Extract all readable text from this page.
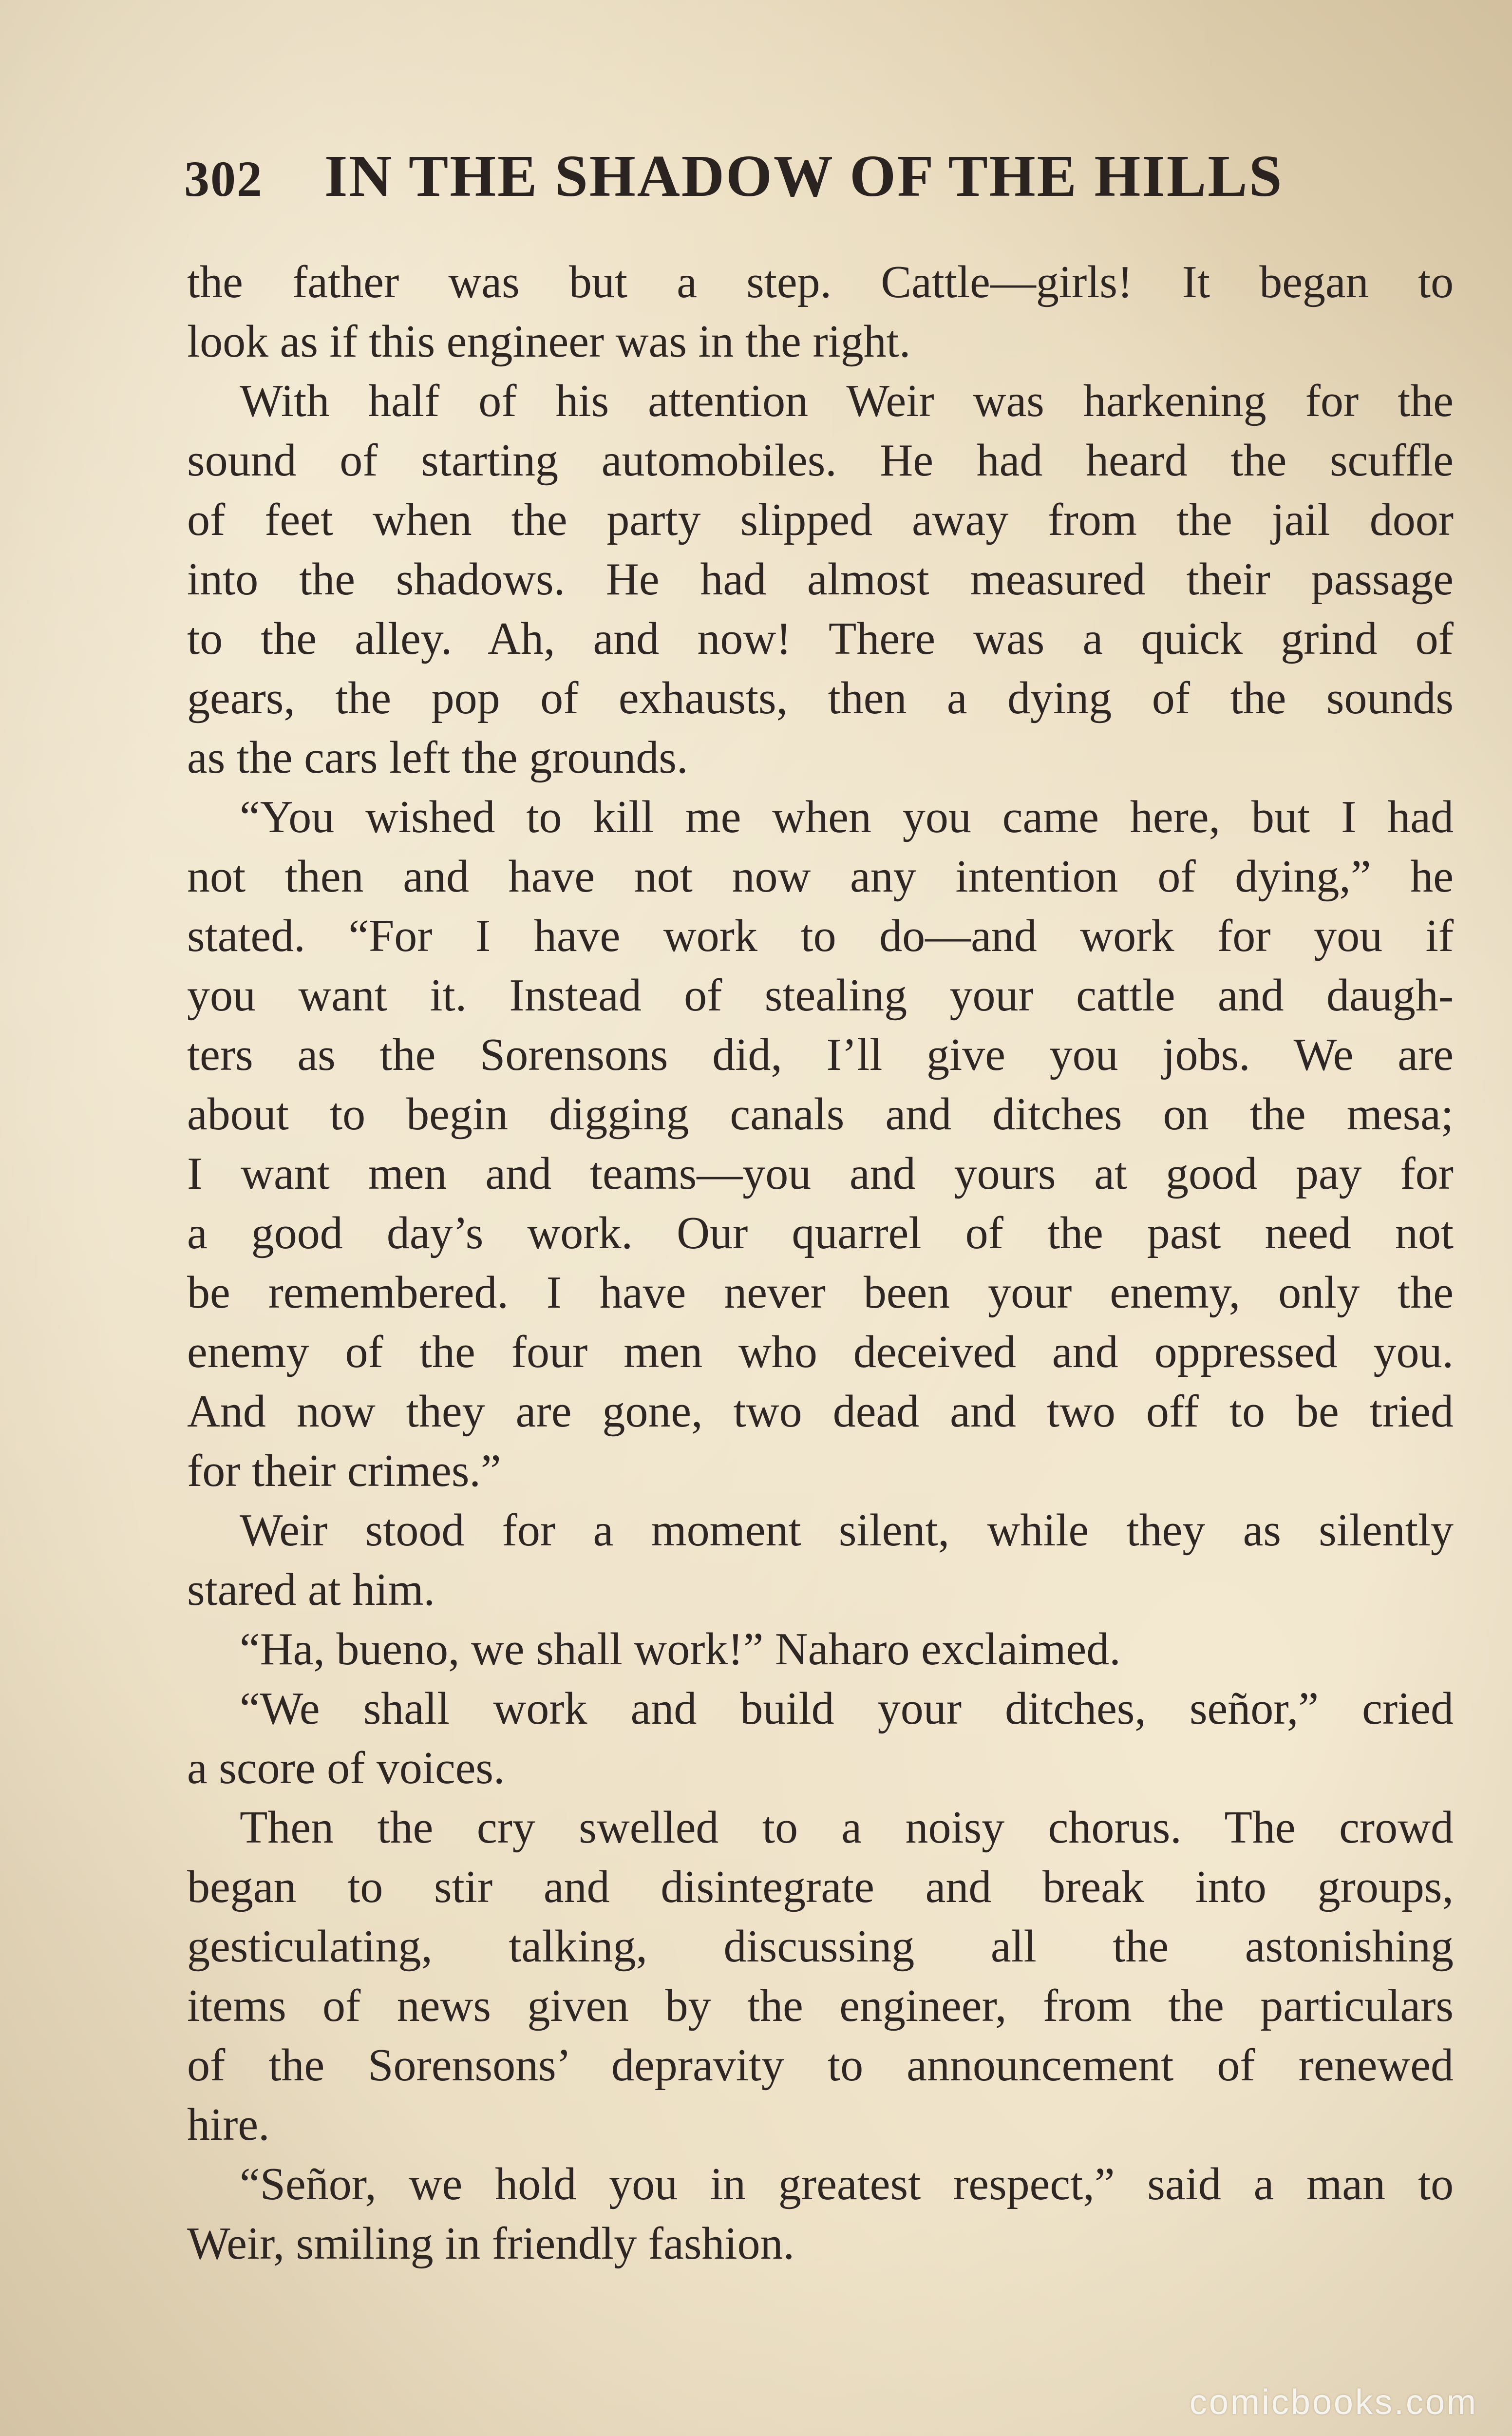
302 IN THE SHADOW OF THE HILLS
the father was but a step. Cattle—girls! It began to
look as if this engineer was in the right.
With half of his attention Weir was harkening for the
sound of starting automobiles. He had heard the scuffle
of feet when the party slipped away from the jail door
into the shadows. He had almost measured their passage
to the alley. Ah, and now! There was a quick grind of
gears, the pop of exhausts, then a dying of the sounds
as the cars left the grounds.
“You wished to kill me when you came here, but I had
not then and have not now any intention of dying,” he
stated. “For I have work to do—and work for you if
you want it. Instead of stealing your cattle and daugh-
ters as the Sorensons did, I’ll give you jobs. We are
about to begin digging canals and ditches on the mesa;
I want men and teams—you and yours at good pay for
a good day’s work. Our quarrel of the past need not
be remembered. I have never been your enemy, only the
enemy of the four men who deceived and oppressed you.
And now they are gone, two dead and two off to be tried
for their crimes.”
Weir stood for a moment silent, while they as silently
stared at him.
“Ha, bueno, we shall work!” Naharo exclaimed.
“We shall work and build your ditches, señor,” cried
a score of voices.
Then the cry swelled to a noisy chorus. The crowd
began to stir and disintegrate and break into groups,
gesticulating, talking, discussing all the astonishing
items of news given by the engineer, from the particulars
of the Sorensons’ depravity to announcement of renewed
hire.
“Señor, we hold you in greatest respect,” said a man to
Weir, smiling in friendly fashion.
comicbooks.com
